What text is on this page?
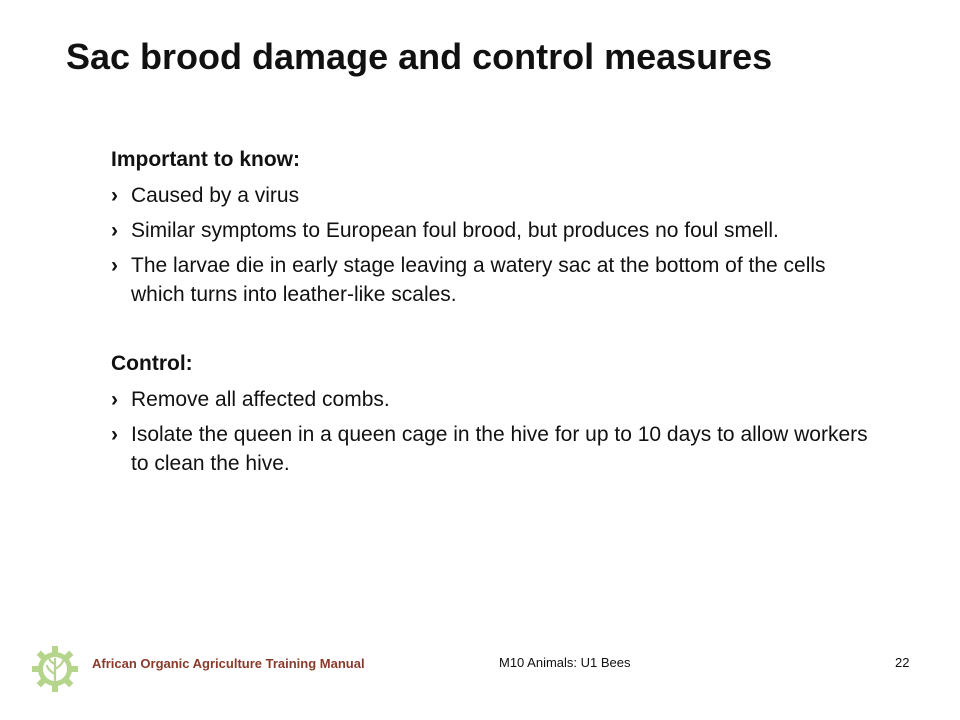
Sac brood damage and control measures
Important to know:
› Caused by a virus
› Similar symptoms to European foul brood, but produces no foul smell.
› The larvae die in early stage leaving a watery sac at the bottom of the cells which turns into leather-like scales.
Control:
› Remove all affected combs.
› Isolate the queen in a queen cage in the hive for up to 10 days to allow workers to clean the hive.
African Organic Agriculture Training Manual	M10 Animals: U1 Bees	22
